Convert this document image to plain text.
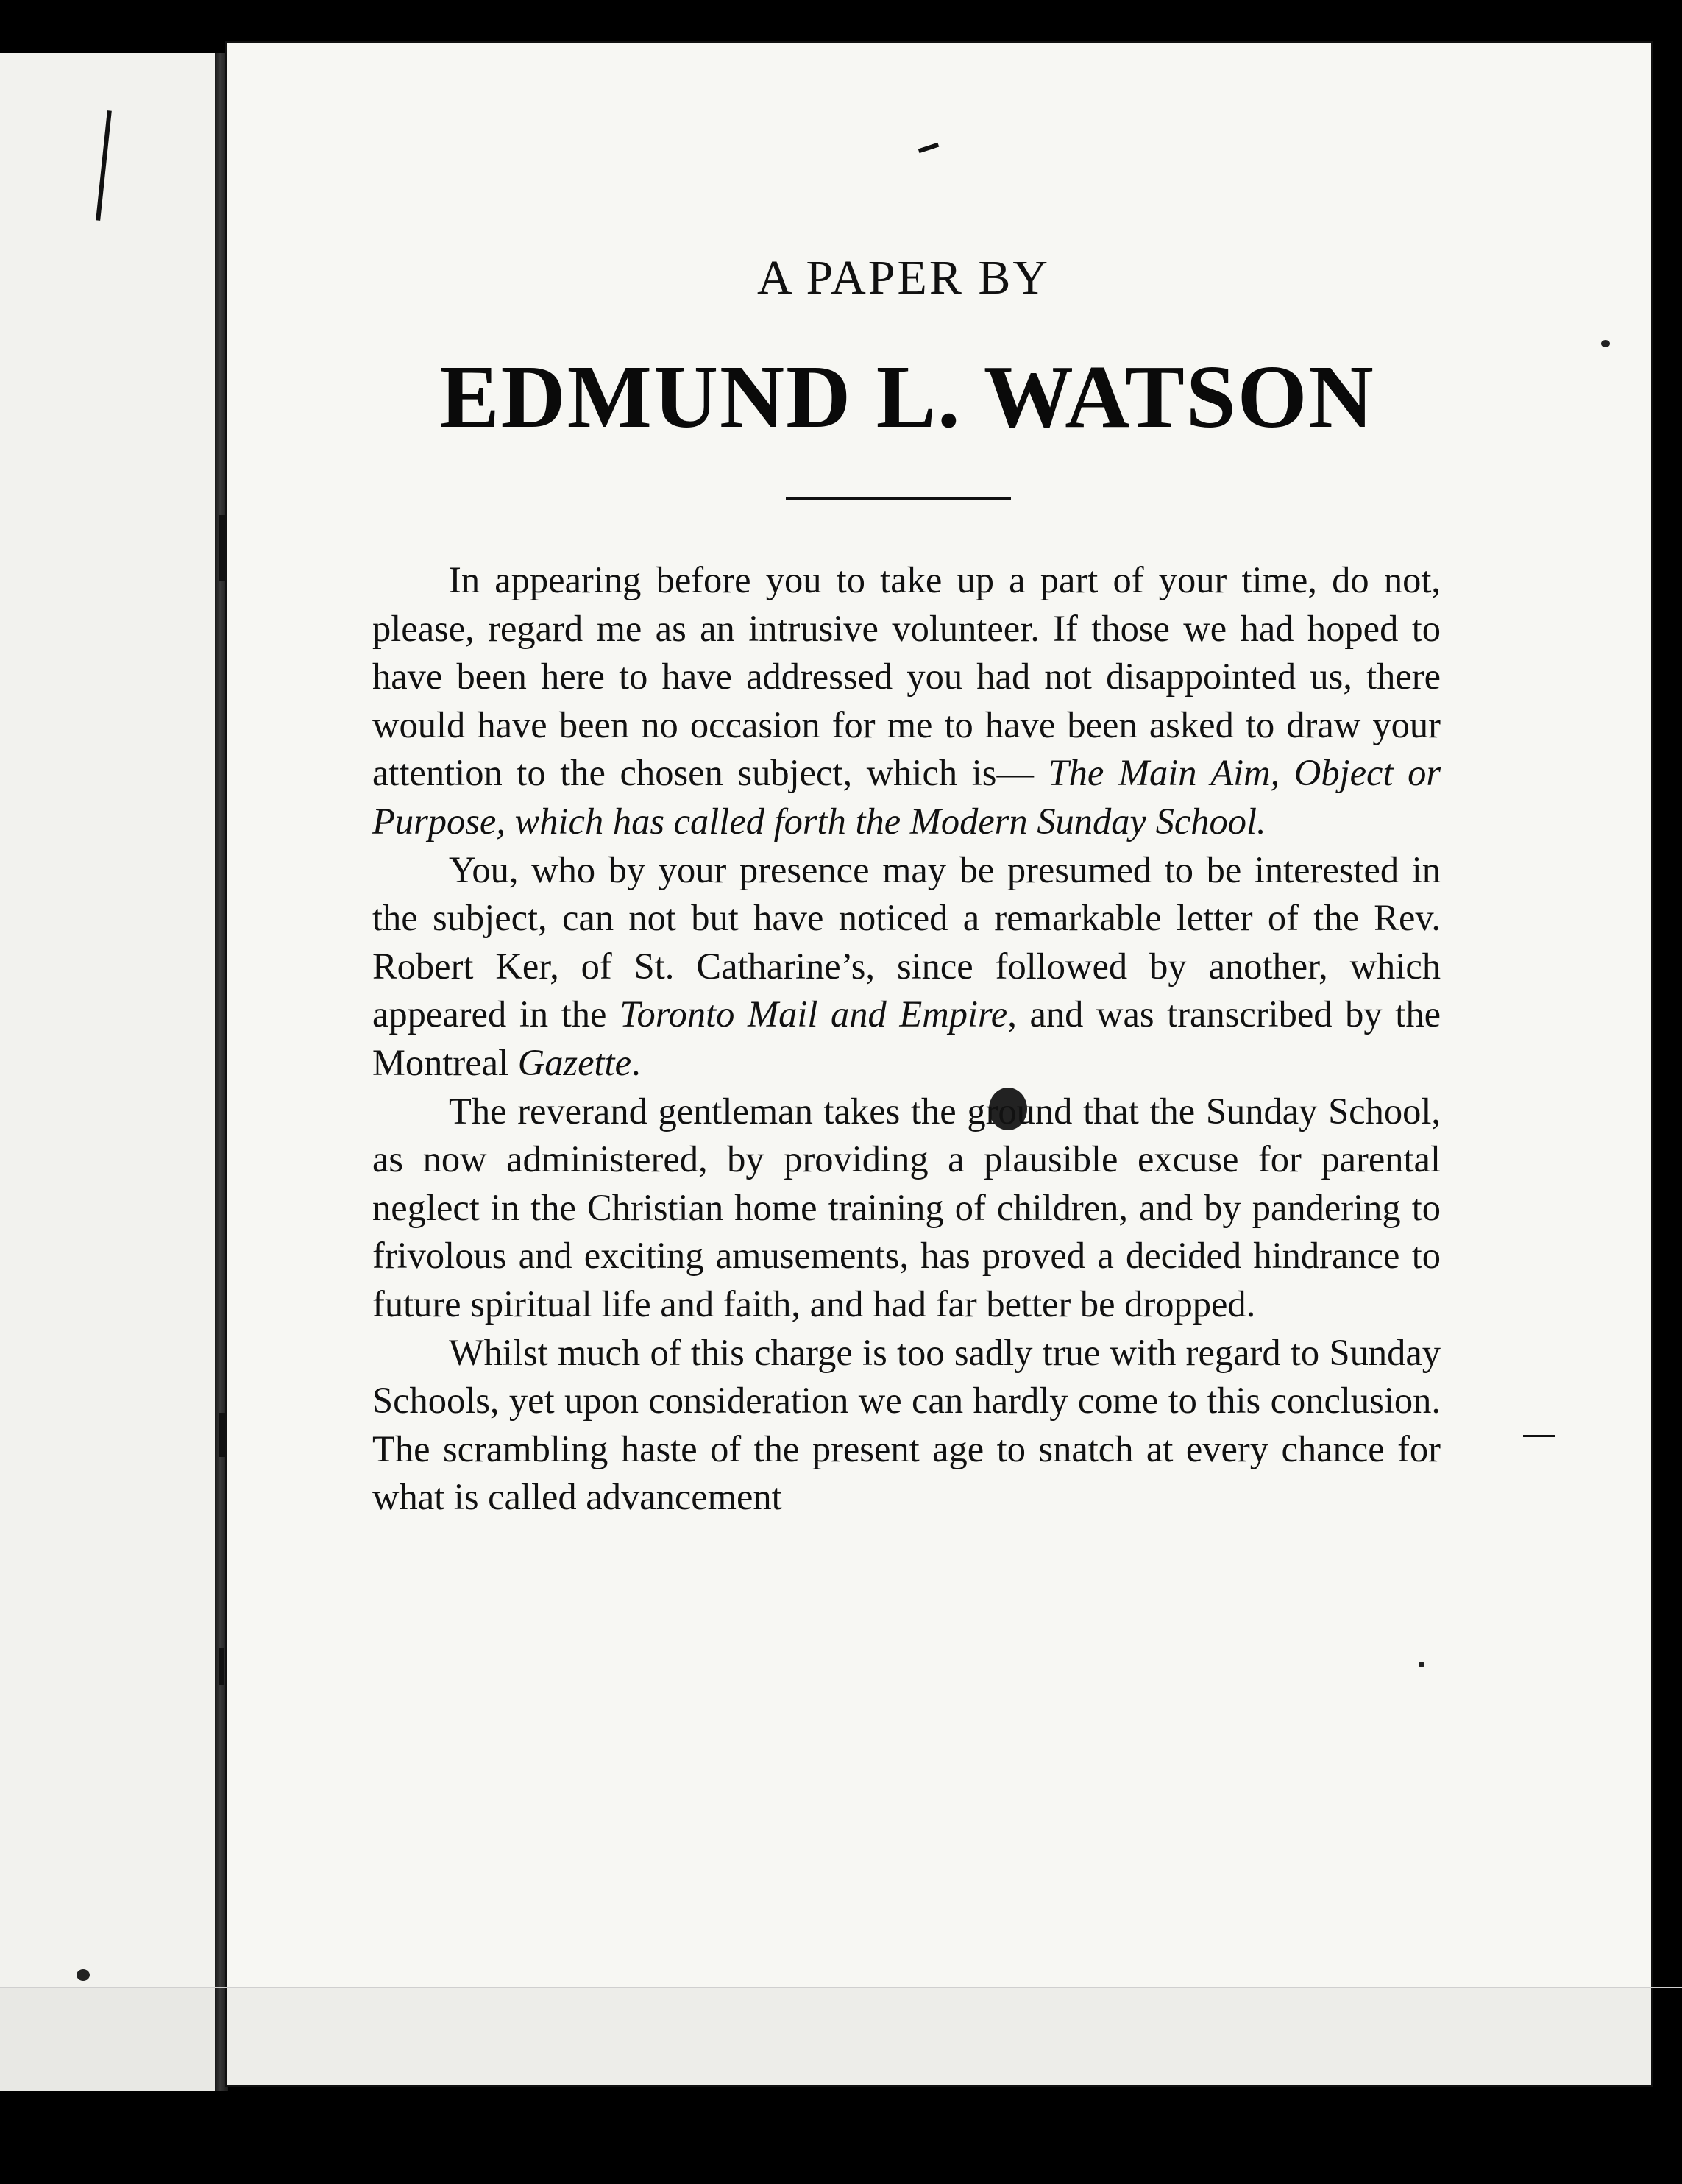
A PAPER BY
EDMUND L. WATSON

In appearing before you to take up a part of your time, do not, please, regard me as an intrusive volunteer. If those we had hoped to have been here to have addressed you had not disappointed us, there would have been no occasion for me to have been asked to draw your attention to the chosen subject, which is— The Main Aim, Object or Purpose, which has called forth the Modern Sunday School.

You, who by your presence may be presumed to be interested in the subject, can not but have noticed a remarkable letter of the Rev. Robert Ker, of St. Catharine’s, since followed by another, which appeared in the Toronto Mail and Empire, and was transcribed by the Montreal Gazette.

The reverand gentleman takes the ground that the Sunday School, as now administered, by providing a plausible excuse for parental neglect in the Christian home training of children, and by pandering to frivolous and exciting amusements, has proved a decided hindrance to future spiritual life and faith, and had far better be dropped.

Whilst much of this charge is too sadly true with regard to Sunday Schools, yet upon consideration we can hardly come to this conclusion. The scrambling haste of the present age to snatch at every chance for what is called advancement
